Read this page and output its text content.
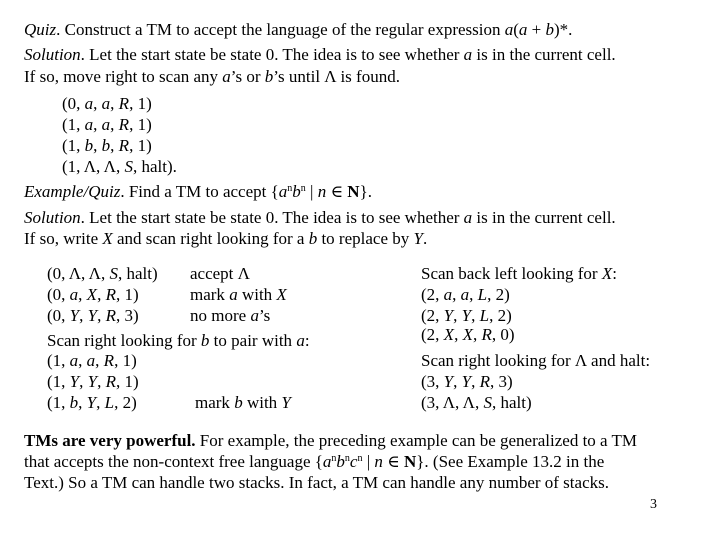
Quiz. Construct a TM to accept the language of the regular expression a(a + b)*.
Solution. Let the start state be state 0. The idea is to see whether a is in the current cell.
If so, move right to scan any a’s or b’s until Λ is found.
(0, a, a, R, 1)
(1, a, a, R, 1)
(1, b, b, R, 1)
(1, Λ, Λ, S, halt).
Example/Quiz. Find a TM to accept {$a^nb^n$ | n ∈ N}.
Solution. Let the start state be state 0. The idea is to see whether a is in the current cell.
If so, write X and scan right looking for a b to replace by Y.
(0, Λ, Λ, S, halt) accept Λ
(0, a, X, R, 1)	mark a with X
(0, Y, Y, R, 3)	no more a’s
Scan right looking for b to pair with a:
(1, a, a, R, 1)
(1, Y, Y, R, 1)
(1, b, Y, L, 2)	mark b with Y
Scan back left looking for X:
(2, a, a, L, 2)
(2, Y, Y, L, 2)
(2, X, X, R, 0)
Scan right looking for Λ and halt:
(3, Y, Y, R, 3)
(3, Λ, Λ, S, halt)
TMs are very powerful. For example, the preceding example can be generalized to a TM
that accepts the non-context free language {$a^nb^nc^n$ | n ∈ N}. (See Example 13.2 in the
Text.) So a TM can handle two stacks. In fact, a TM can handle any number of stacks.
3
